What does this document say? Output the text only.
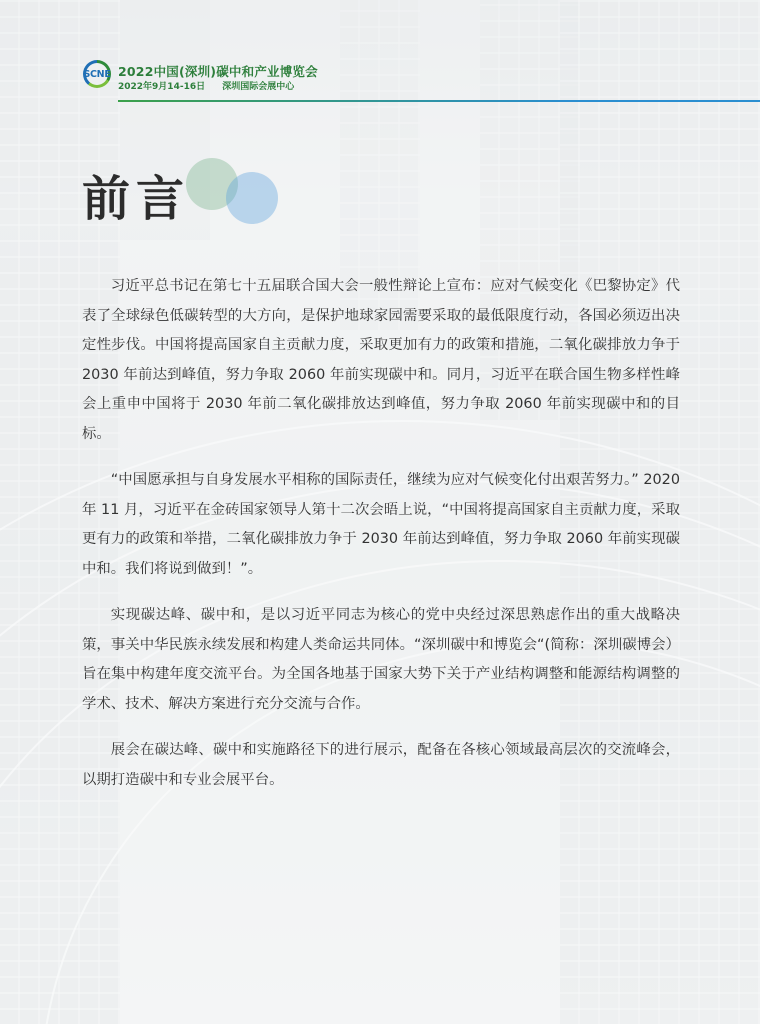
SCNE 2022中国(深圳)碳中和产业博览会
2022年9月14-16日 深圳国际会展中心
前言

习近平总书记在第七十五届联合国大会一般性辩论上宣布：应对气候变化《巴黎协定》代表了全球绿色低碳转型的大方向，是保护地球家园需要采取的最低限度行动，各国必须迈出决定性步伐。中国将提高国家自主贡献力度，采取更加有力的政策和措施，二氧化碳排放力争于 2030 年前达到峰值，努力争取 2060 年前实现碳中和。同月，习近平在联合国生物多样性峰会上重申中国将于 2030 年前二氧化碳排放达到峰值，努力争取 2060 年前实现碳中和的目标。

“中国愿承担与自身发展水平相称的国际责任，继续为应对气候变化付出艰苦努力。” 2020 年 11 月，习近平在金砖国家领导人第十二次会晤上说，“中国将提高国家自主贡献力度，采取更有力的政策和举措，二氧化碳排放力争于 2030 年前达到峰值，努力争取 2060 年前实现碳中和。我们将说到做到！”。

实现碳达峰、碳中和，是以习近平同志为核心的党中央经过深思熟虑作出的重大战略决策，事关中华民族永续发展和构建人类命运共同体。“深圳碳中和博览会“(简称：深圳碳博会）旨在集中构建年度交流平台。为全国各地基于国家大势下关于产业结构调整和能源结构调整的学术、技术、解决方案进行充分交流与合作。

展会在碳达峰、碳中和实施路径下的进行展示，配备在各核心领域最高层次的交流峰会，以期打造碳中和专业会展平台。
